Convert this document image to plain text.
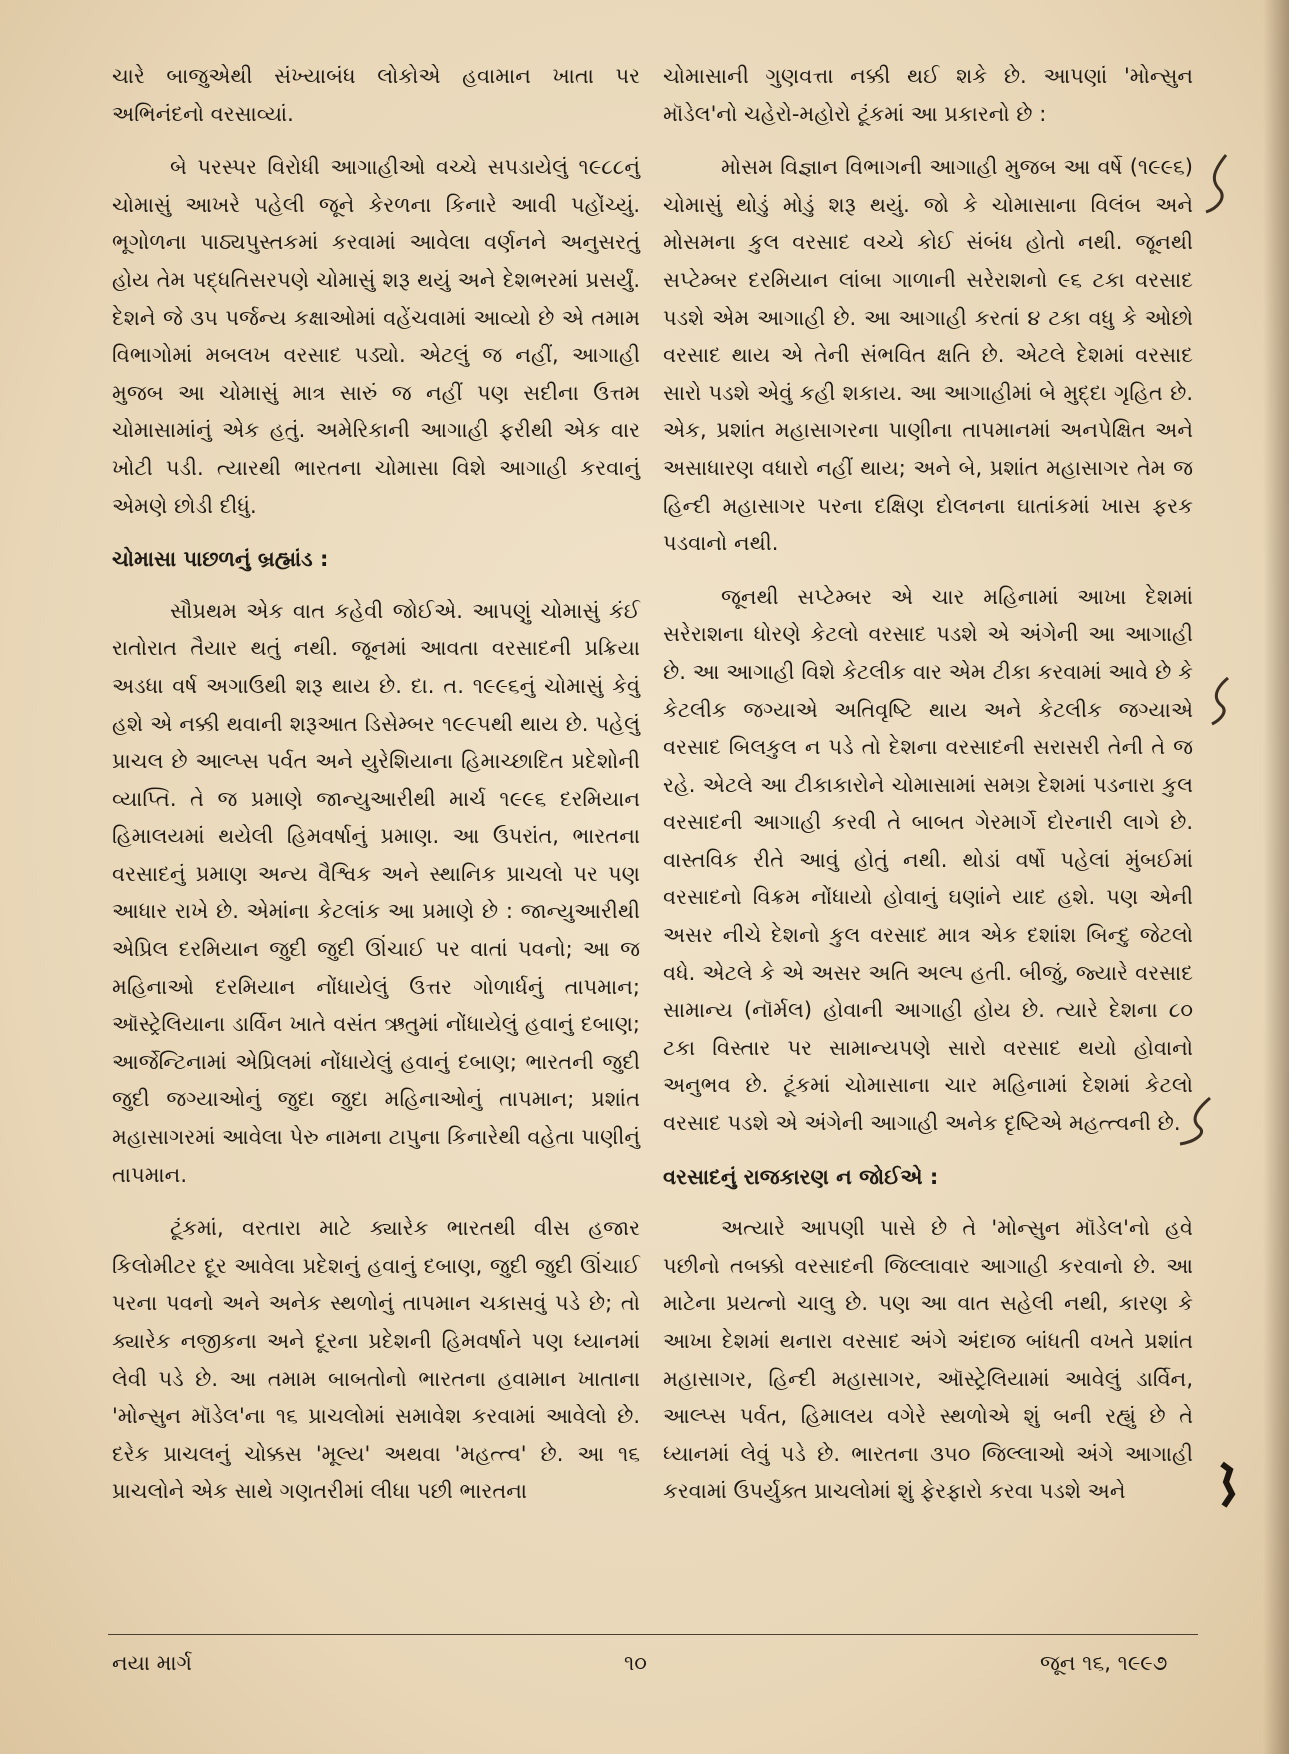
ચારે બાજુએથી સંખ્યાબંધ લોકોએ હવામાન ખાતા પર અભિનંદનો વરસાવ્યાં.

બે પરસ્પર વિરોધી આગાહીઓ વચ્ચે સપડાયેલું ૧૯૮૮નું ચોમાસું આખરે પહેલી જૂને કેરળના કિનારે આવી પહોંચ્યું. ભૂગોળના પાઠ્યપુસ્તકમાં કરવામાં આવેલા વર્ણનને અનુસરતું હોય તેમ પદ્ધતિસરપણે ચોમાસું શરૂ થયું અને દેશભરમાં પ્રસર્યું. દેશને જે ૩૫ પર્જન્ય કક્ષાઓમાં વહેંચવામાં આવ્યો છે એ તમામ વિભાગોમાં મબલખ વરસાદ પડ્યો. એટલું જ નહીં, આગાહી મુજબ આ ચોમાસું માત્ર સારું જ નહીં પણ સદીના ઉત્તમ ચોમાસામાંનું એક હતું. અમેરિકાની આગાહી ફરીથી એક વાર ખોટી પડી. ત્યારથી ભારતના ચોમાસા વિશે આગાહી કરવાનું એમણે છોડી દીધું.

ચોમાસા પાછળનું બ્રહ્માંડ :

સૌપ્રથમ એક વાત કહેવી જોઈએ. આપણું ચોમાસું કંઈ રાતોરાત તૈયાર થતું નથી. જૂનમાં આવતા વરસાદની પ્રક્રિયા અડધા વર્ષ અગાઉથી શરૂ થાય છે. દા. ત. ૧૯૯૬નું ચોમાસું કેવું હશે એ નક્કી થવાની શરૂઆત ડિસેમ્બર ૧૯૯૫થી થાય છે. પહેલું પ્રાચલ છે આલ્પ્સ પર્વત અને યુરેશિયાના હિમાચ્છાદિત પ્રદેશોની વ્યાપ્તિ. તે જ પ્રમાણે જાન્યુઆરીથી માર્ચ ૧૯૯૬ દરમિયાન હિમાલયમાં થયેલી હિમવર્ષાનું પ્રમાણ. આ ઉપરાંત, ભારતના વરસાદનું પ્રમાણ અન્ય વૈશ્વિક અને સ્થાનિક પ્રાચલો પર પણ આધાર રાખે છે. એમાંના કેટલાંક આ પ્રમાણે છે : જાન્યુઆરીથી એપ્રિલ દરમિયાન જુદી જુદી ઊંચાઈ પર વાતાં પવનો; આ જ મહિનાઓ દરમિયાન નોંધાયેલું ઉત્તર ગોળાર્ધનું તાપમાન; ઑસ્ટ્રેલિયાના ડાર્વિન ખાતે વસંત ઋતુમાં નોંધાયેલું હવાનું દબાણ; આર્જેન્ટિનામાં એપ્રિલમાં નોંધાયેલું હવાનું દબાણ; ભારતની જુદી જુદી જગ્યાઓનું જુદા જુદા મહિનાઓનું તાપમાન; પ્રશાંત મહાસાગરમાં આવેલા પેરુ નામના ટાપુના કિનારેથી વહેતા પાણીનું તાપમાન.

ટૂંકમાં, વરતારા માટે ક્યારેક ભારતથી વીસ હજાર કિલોમીટર દૂર આવેલા પ્રદેશનું હવાનું દબાણ, જુદી જુદી ઊંચાઈ પરના પવનો અને અનેક સ્થળોનું તાપમાન ચકાસવું પડે છે; તો ક્યારેક નજીકના અને દૂરના પ્રદેશની હિમવર્ષાને પણ ધ્યાનમાં લેવી પડે છે. આ તમામ બાબતોનો ભારતના હવામાન ખાતાના 'મોન્સુન મૉડેલ'ના ૧૬ પ્રાચલોમાં સમાવેશ કરવામાં આવેલો છે. દરેક પ્રાચલનું ચોક્કસ 'મૂલ્ય' અથવા 'મહત્ત્વ' છે. આ ૧૬ પ્રાચલોને એક સાથે ગણતરીમાં લીધા પછી ભારતના

ચોમાસાની ગુણવત્તા નક્કી થઈ શકે છે. આપણાં 'મોન્સુન મૉડેલ'નો ચહેરો-મહોરો ટૂંકમાં આ પ્રકારનો છે :

મોસમ વિજ્ઞાન વિભાગની આગાહી મુજબ આ વર્ષે (૧૯૯૬) ચોમાસું થોડું મોડું શરૂ થયું. જો કે ચોમાસાના વિલંબ અને મોસમના કુલ વરસાદ વચ્ચે કોઈ સંબંધ હોતો નથી. જૂનથી સપ્ટેમ્બર દરમિયાન લાંબા ગાળાની સરેરાશનો ૯૬ ટકા વરસાદ પડશે એમ આગાહી છે. આ આગાહી કરતાં ૪ ટકા વધુ કે ઓછો વરસાદ થાય એ તેની સંભવિત ક્ષતિ છે. એટલે દેશમાં વરસાદ સારો પડશે એવું કહી શકાય. આ આગાહીમાં બે મુદ્દા ગૃહિત છે. એક, પ્રશાંત મહાસાગરના પાણીના તાપમાનમાં અનપેક્ષિત અને અસાધારણ વધારો નહીં થાય; અને બે, પ્રશાંત મહાસાગર તેમ જ હિન્દી મહાસાગર પરના દક્ષિણ દોલનના ઘાતાંકમાં ખાસ ફરક પડવાનો નથી.

જૂનથી સપ્ટેમ્બર એ ચાર મહિનામાં આખા દેશમાં સરેરાશના ધોરણે કેટલો વરસાદ પડશે એ અંગેની આ આગાહી છે. આ આગાહી વિશે કેટલીક વાર એમ ટીકા કરવામાં આવે છે કે કેટલીક જગ્યાએ અતિવૃષ્ટિ થાય અને કેટલીક જગ્યાએ વરસાદ બિલકુલ ન પડે તો દેશના વરસાદની સરાસરી તેની તે જ રહે. એટલે આ ટીકાકારોને ચોમાસામાં સમગ્ર દેશમાં પડનારા કુલ વરસાદની આગાહી કરવી તે બાબત ગેરમાર્ગે દોરનારી લાગે છે. વાસ્તવિક રીતે આવું હોતું નથી. થોડાં વર્ષો પહેલાં મુંબઈમાં વરસાદનો વિક્રમ નોંધાયો હોવાનું ઘણાંને યાદ હશે. પણ એની અસર નીચે દેશનો કુલ વરસાદ માત્ર એક દશાંશ બિન્દુ જેટલો વધે. એટલે કે એ અસર અતિ અલ્પ હતી. બીજું, જ્યારે વરસાદ સામાન્ય (નૉર્મલ) હોવાની આગાહી હોય છે. ત્યારે દેશના ૮૦ ટકા વિસ્તાર પર સામાન્યપણે સારો વરસાદ થયો હોવાનો અનુભવ છે. ટૂંકમાં ચોમાસાના ચાર મહિનામાં દેશમાં કેટલો વરસાદ પડશે એ અંગેની આગાહી અનેક દૃષ્ટિએ મહત્ત્વની છે.

વરસાદનું રાજકારણ ન જોઈએ :

અત્યારે આપણી પાસે છે તે 'મોન્સુન મૉડેલ'નો હવે પછીનો તબક્કો વરસાદની જિલ્લાવાર આગાહી કરવાનો છે. આ માટેના પ્રયત્નો ચાલુ છે. પણ આ વાત સહેલી નથી, કારણ કે આખા દેશમાં થનારા વરસાદ અંગે અંદાજ બાંધતી વખતે પ્રશાંત મહાસાગર, હિન્દી મહાસાગર, ઑસ્ટ્રેલિયામાં આવેલું ડાર્વિન, આલ્પ્સ પર્વત, હિમાલય વગેરે સ્થળોએ શું બની રહ્યું છે તે ધ્યાનમાં લેવું પડે છે. ભારતના ૩૫૦ જિલ્લાઓ અંગે આગાહી કરવામાં ઉપર્યુક્ત પ્રાચલોમાં શું ફેરફારો કરવા પડશે અને

નયા માર્ગ	૧૦	જૂન ૧૬, ૧૯૯૭
